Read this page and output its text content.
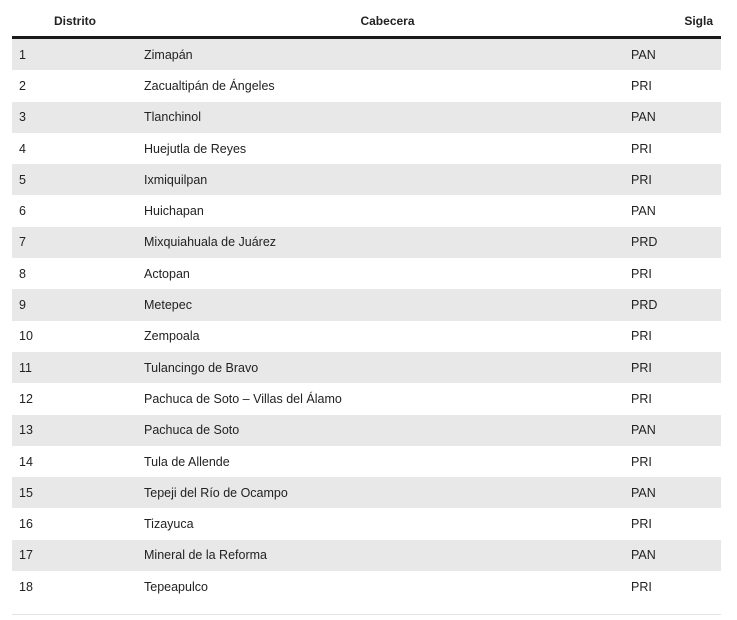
Distrito	Cabecera	Sigla
1	Zimapán	PAN
2	Zacualtipán de Ángeles	PRI
3	Tlanchinol	PAN
4	Huejutla de Reyes	PRI
5	Ixmiquilpan	PRI
6	Huichapan	PAN
7	Mixquiahuala de Juárez	PRD
8	Actopan	PRI
9	Metepec	PRD
10	Zempoala	PRI
11	Tulancingo de Bravo	PRI
12	Pachuca de Soto – Villas del Álamo	PRI
13	Pachuca de Soto	PAN
14	Tula de Allende	PRI
15	Tepeji del Río de Ocampo	PAN
16	Tizayuca	PRI
17	Mineral de la Reforma	PAN
18	Tepeapulco	PRI
